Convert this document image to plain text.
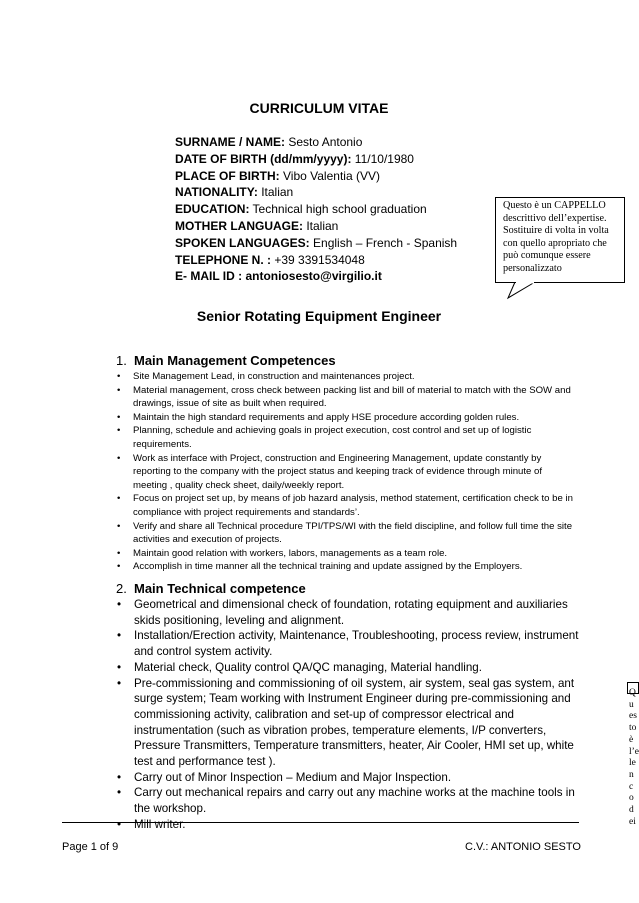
CURRICULUM VITAE
SURNAME / NAME: Sesto Antonio
DATE OF BIRTH (dd/mm/yyyy): 11/10/1980
PLACE OF BIRTH: Vibo Valentia (VV)
NATIONALITY: Italian
EDUCATION: Technical high school graduation
MOTHER LANGUAGE: Italian
SPOKEN LANGUAGES: English – French - Spanish
TELEPHONE N. : +39 3391534048
E- MAIL ID : antoniosesto@virgilio.it
Questo è un CAPPELLO descrittivo dell’expertise. Sostituire di volta in volta con quello apropriato che può comunque essere personalizzato
Senior Rotating Equipment Engineer
1. Main Management Competences
• Site Management Lead, in construction and maintenances project.
• Material management, cross check between packing list and bill of material to match with the SOW and drawings, issue of site as built when required.
• Maintain the high standard requirements and apply HSE procedure according golden rules.
• Planning, schedule and achieving goals in project execution, cost control and set up of logistic requirements.
• Work as interface with Project, construction and Engineering Management, update constantly by reporting to the company with the project status and keeping track of evidence through minute of meeting , quality check sheet, daily/weekly report.
• Focus on project set up, by means of job hazard analysis, method statement, certification check to be in compliance with project requirements and standards’.
• Verify and share all Technical procedure TPI/TPS/WI with the field discipline, and follow full time the site activities and execution of projects.
• Maintain good relation with workers, labors, managements as a team role.
• Accomplish in time manner all the technical training and update assigned by the Employers.
2. Main Technical competence
• Geometrical and dimensional check of foundation, rotating equipment and auxiliaries skids positioning, leveling and alignment.
• Installation/Erection activity, Maintenance, Troubleshooting, process review, instrument and control system activity.
• Material check, Quality control QA/QC managing, Material handling.
• Pre-commissioning and commissioning of oil system, air system, seal gas system, ant surge system; Team working with Instrument Engineer during pre-commissioning and commissioning activity, calibration and set-up of compressor electrical and instrumentation (such as vibration probes, temperature elements, I/P converters, Pressure Transmitters, Temperature transmitters, heater, Air Cooler, HMI set up, white test and performance test ).
• Carry out of Minor Inspection – Medium and Major Inspection.
• Carry out mechanical repairs and carry out any machine works at the machine tools in the workshop.
• Mill writer.
Page 1 of 9	C.V.: ANTONIO SESTO
Questo è l’elenco dei
